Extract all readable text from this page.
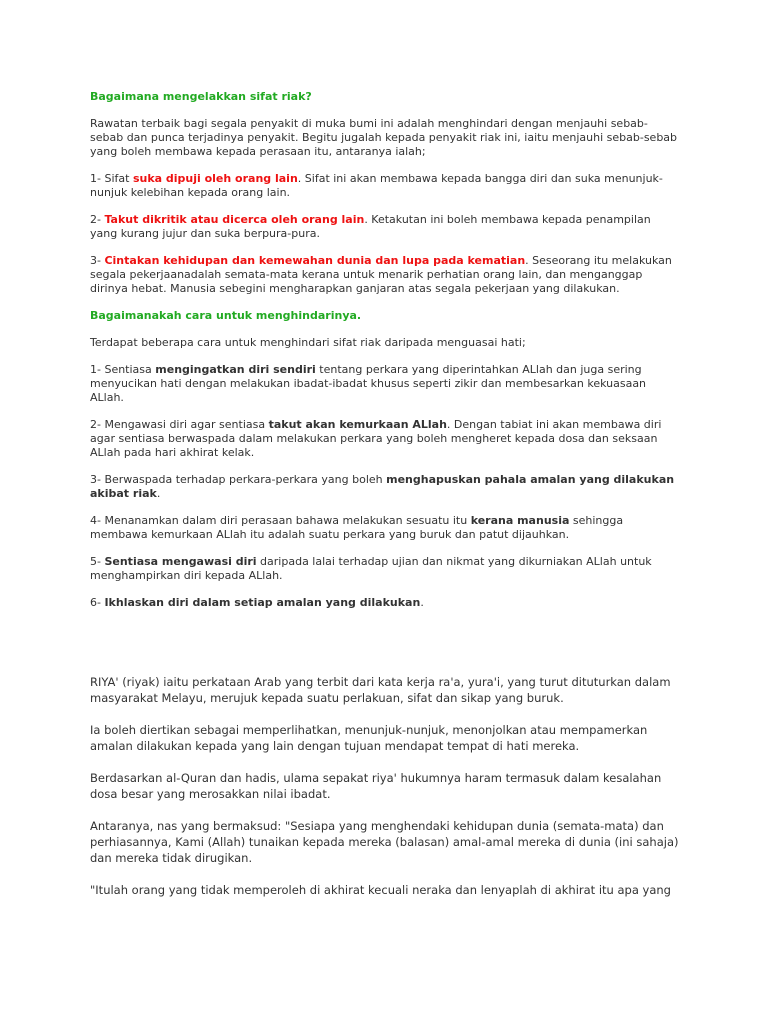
Bagaimana mengelakkan sifat riak?

Rawatan terbaik bagi segala penyakit di muka bumi ini adalah menghindari dengan menjauhi sebab-sebab dan punca terjadinya penyakit. Begitu jugalah kepada penyakit riak ini, iaitu menjauhi sebab-sebab yang boleh membawa kepada perasaan itu, antaranya ialah;

1- Sifat suka dipuji oleh orang lain. Sifat ini akan membawa kepada bangga diri dan suka menunjuk-nunjuk kelebihan kepada orang lain.

2- Takut dikritik atau dicerca oleh orang lain. Ketakutan ini boleh membawa kepada penampilan yang kurang jujur dan suka berpura-pura.

3- Cintakan kehidupan dan kemewahan dunia dan lupa pada kematian. Seseorang itu melakukan segala pekerjaanadalah semata-mata kerana untuk menarik perhatian orang lain, dan menganggap dirinya hebat. Manusia sebegini mengharapkan ganjaran atas segala pekerjaan yang dilakukan.

Bagaimanakah cara untuk menghindarinya.

Terdapat beberapa cara untuk menghindari sifat riak daripada menguasai hati;

1- Sentiasa mengingatkan diri sendiri tentang perkara yang diperintahkan ALlah dan juga sering menyucikan hati dengan melakukan ibadat-ibadat khusus seperti zikir dan membesarkan kekuasaan ALlah.

2- Mengawasi diri agar sentiasa takut akan kemurkaan ALlah. Dengan tabiat ini akan membawa diri agar sentiasa berwaspada dalam melakukan perkara yang boleh mengheret kepada dosa dan seksaan ALlah pada hari akhirat kelak.

3- Berwaspada terhadap perkara-perkara yang boleh menghapuskan pahala amalan yang dilakukan akibat riak.

4- Menanamkan dalam diri perasaan bahawa melakukan sesuatu itu kerana manusia sehingga membawa kemurkaan ALlah itu adalah suatu perkara yang buruk dan patut dijauhkan.

5- Sentiasa mengawasi diri daripada lalai terhadap ujian dan nikmat yang dikurniakan ALlah untuk menghampirkan diri kepada ALlah.

6- Ikhlaskan diri dalam setiap amalan yang dilakukan.

RIYA' (riyak) iaitu perkataan Arab yang terbit dari kata kerja ra'a, yura'i, yang turut dituturkan dalam masyarakat Melayu, merujuk kepada suatu perlakuan, sifat dan sikap yang buruk.

Ia boleh diertikan sebagai memperlihatkan, menunjuk-nunjuk, menonjolkan atau mempamerkan amalan dilakukan kepada yang lain dengan tujuan mendapat tempat di hati mereka.

Berdasarkan al-Quran dan hadis, ulama sepakat riya' hukumnya haram termasuk dalam kesalahan dosa besar yang merosakkan nilai ibadat.

Antaranya, nas yang bermaksud: "Sesiapa yang menghendaki kehidupan dunia (semata-mata) dan perhiasannya, Kami (Allah) tunaikan kepada mereka (balasan) amal-amal mereka di dunia (ini sahaja) dan mereka tidak dirugikan.

"Itulah orang yang tidak memperoleh di akhirat kecuali neraka dan lenyaplah di akhirat itu apa yang
